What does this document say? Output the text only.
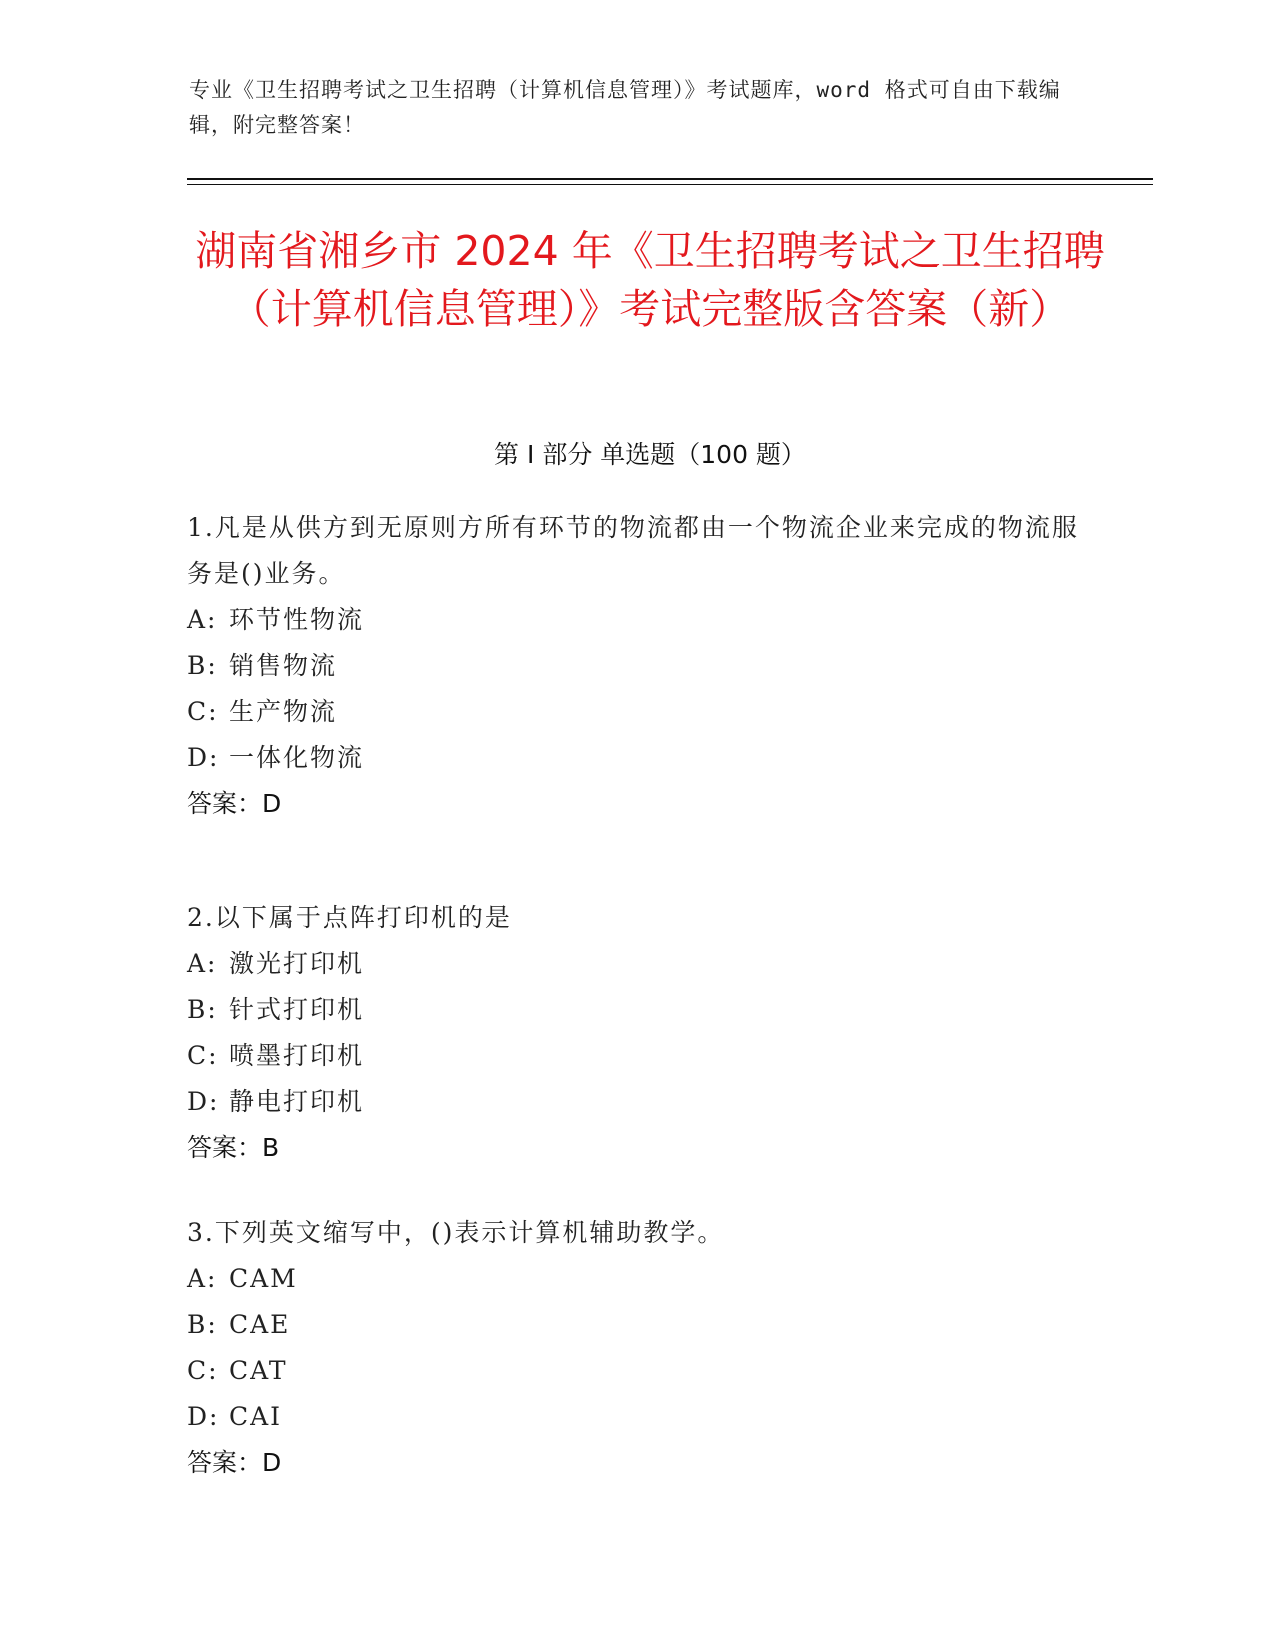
专业《卫生招聘考试之卫生招聘（计算机信息管理）》考试题库，word 格式可自由下载编辑，附完整答案！
湖南省湘乡市 2024 年《卫生招聘考试之卫生招聘（计算机信息管理）》考试完整版含答案（新）
第 I 部分 单选题（100 题）

1.凡是从供方到无原则方所有环节的物流都由一个物流企业来完成的物流服务是()业务。

A: 环节性物流

B: 销售物流

C: 生产物流

D: 一体化物流

答案：D

2.以下属于点阵打印机的是

A: 激光打印机

B: 针式打印机

C: 喷墨打印机

D: 静电打印机

答案：B

3.下列英文缩写中，()表示计算机辅助教学。

A: CAM

B: CAE

C: CAT

D: CAI

答案：D
